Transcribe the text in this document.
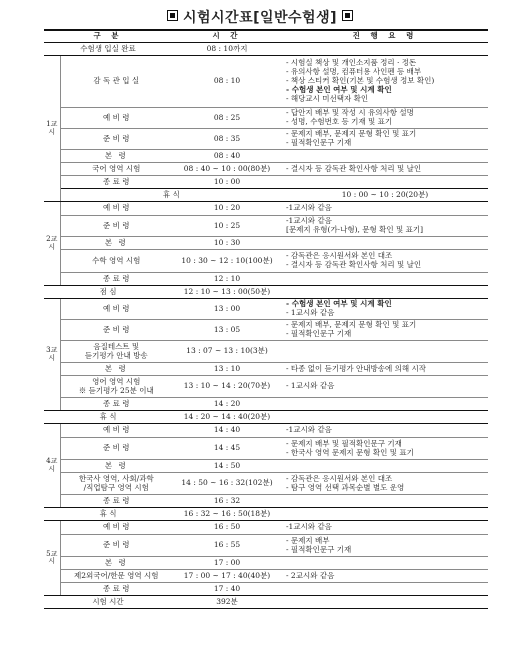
시험시간표[일반수험생]
구 분		시 간	진 행 요 령	
수험생 입실 완료		08 : 10까지		
1교시	감 독 관 입 실	08 : 10	- 시험실 책상 및 개인소지품 정리 · 정돈
- 유의사항 설명, 컴퓨터용 사인펜 등 배부
- 책상 스티커 확인(기본 및 수험생 정보 확인)
- 수험생 본인 여부 및 시계 확인
- 해당교시 미선택자 확인	

	예 비 령	08 : 25	- 답안지 배부 및 작성 시 유의사항 설명
- 성명, 수험번호 등 기재 및 표기	

	준 비 령	08 : 35	- 문제지 배부, 문제지 문형 확인 및 표기
- 필적확인문구 기재	

	본 령	08 : 40		
	국어 영역 시험	08 : 40 ~ 10 : 00(80분)	- 결시자 등 감독관 확인사항 처리 및 날인	
	종 료 령	10 : 00		
	휴 식		10 : 00 ~ 10 : 20(20분)	
2교시	예 비 령	10 : 20	-1교시와 같음	
	준 비 령	10 : 25	-1교시와 같음
[문제지 유형(가·나형), 문형 확인 및 표기]	

	본 령	10 : 30		
	수학 영역 시험	10 : 30 ~ 12 : 10(100분)	- 감독관은 응시원서와 본인 대조
- 결시자 등 감독관 확인사항 처리 및 날인	

	종 료 령	12 : 10		
점 심		12 : 10 ~ 13 : 00(50분)		
3교시	예 비 령	13 : 00	- 수험생 본인 여부 및 시계 확인
- 1교시와 같음	

	준 비 령	13 : 05	- 문제지 배부, 문제지 문형 확인 및 표기
- 필적확인문구 기재	

	음질테스트 및
듣기평가 안내 방송	13 : 07 ~ 13 : 10(3분)		
	본 령	13 : 10	- 타종 없이 듣기평가 안내방송에 의해 시작	

	영어 영역 시험
※ 듣기평가 25분 이내	13 : 10 ~ 14 : 20(70분)	- 1교시와 같음	
	종 료 령	14 : 20		
휴 식		14 : 20 ~ 14 : 40(20분)		
4교시	예 비 령	14 : 40	-1교시와 같음	
	준 비 령	14 : 45	- 문제지 배부 및 필적확인문구 기재
- 한국사 영역 문제지 문형 확인 및 표기	

	본 령	14 : 50		

	한국사 영역, 사회/과학
/직업탐구 영역 시험	14 : 50 ~ 16 : 32(102분)	- 감독관은 응시원서와 본인 대조
- 탐구 영역 선택 과목순별 별도 운영	

	종 료 령	16 : 32		
휴 식		16 : 32 ~ 16 : 50(18분)		
5교시	예 비 령	16 : 50	-1교시와 같음	
	준 비 령	16 : 55	- 문제지 배부
- 필적확인문구 기재	

	본 령	17 : 00		
	제2외국어/한문 영역 시험	17 : 00 ~ 17 : 40(40분)	- 2교시와 같음	
	종 료 령	17 : 40		
시험 시간		392분		
